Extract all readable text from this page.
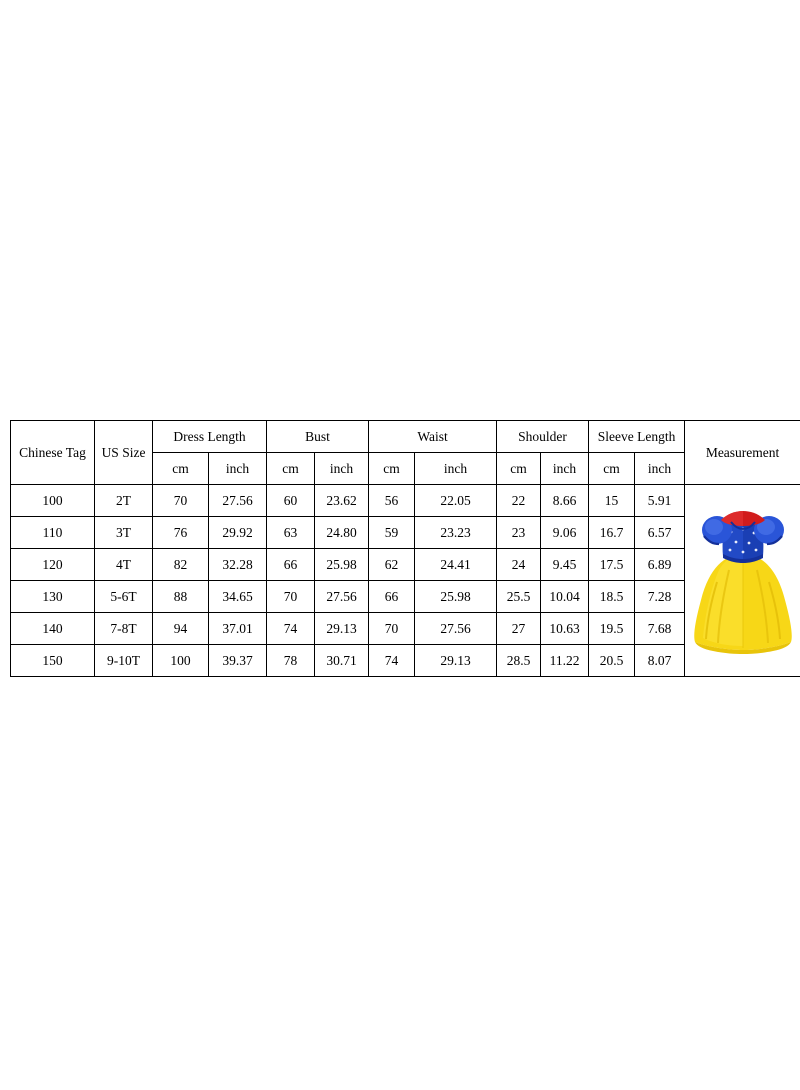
Chinese Tag	US Size	Dress Length		Bust		Waist		Shoulder		Sleeve Length		Measurement
		cm	inch	cm	inch	cm	inch	cm	inch	cm	inch	
100	2T	70	27.56	60	23.62	56	22.05	22	8.66	15	5.91	

110	3T	76	29.92	63	24.80	59	23.23	23	9.06	16.7	6.57	
120	4T	82	32.28	66	25.98	62	24.41	24	9.45	17.5	6.89	
130	5-6T	88	34.65	70	27.56	66	25.98	25.5	10.04	18.5	7.28	
140	7-8T	94	37.01	74	29.13	70	27.56	27	10.63	19.5	7.68	
150	9-10T	100	39.37	78	30.71	74	29.13	28.5	11.22	20.5	8.07	
